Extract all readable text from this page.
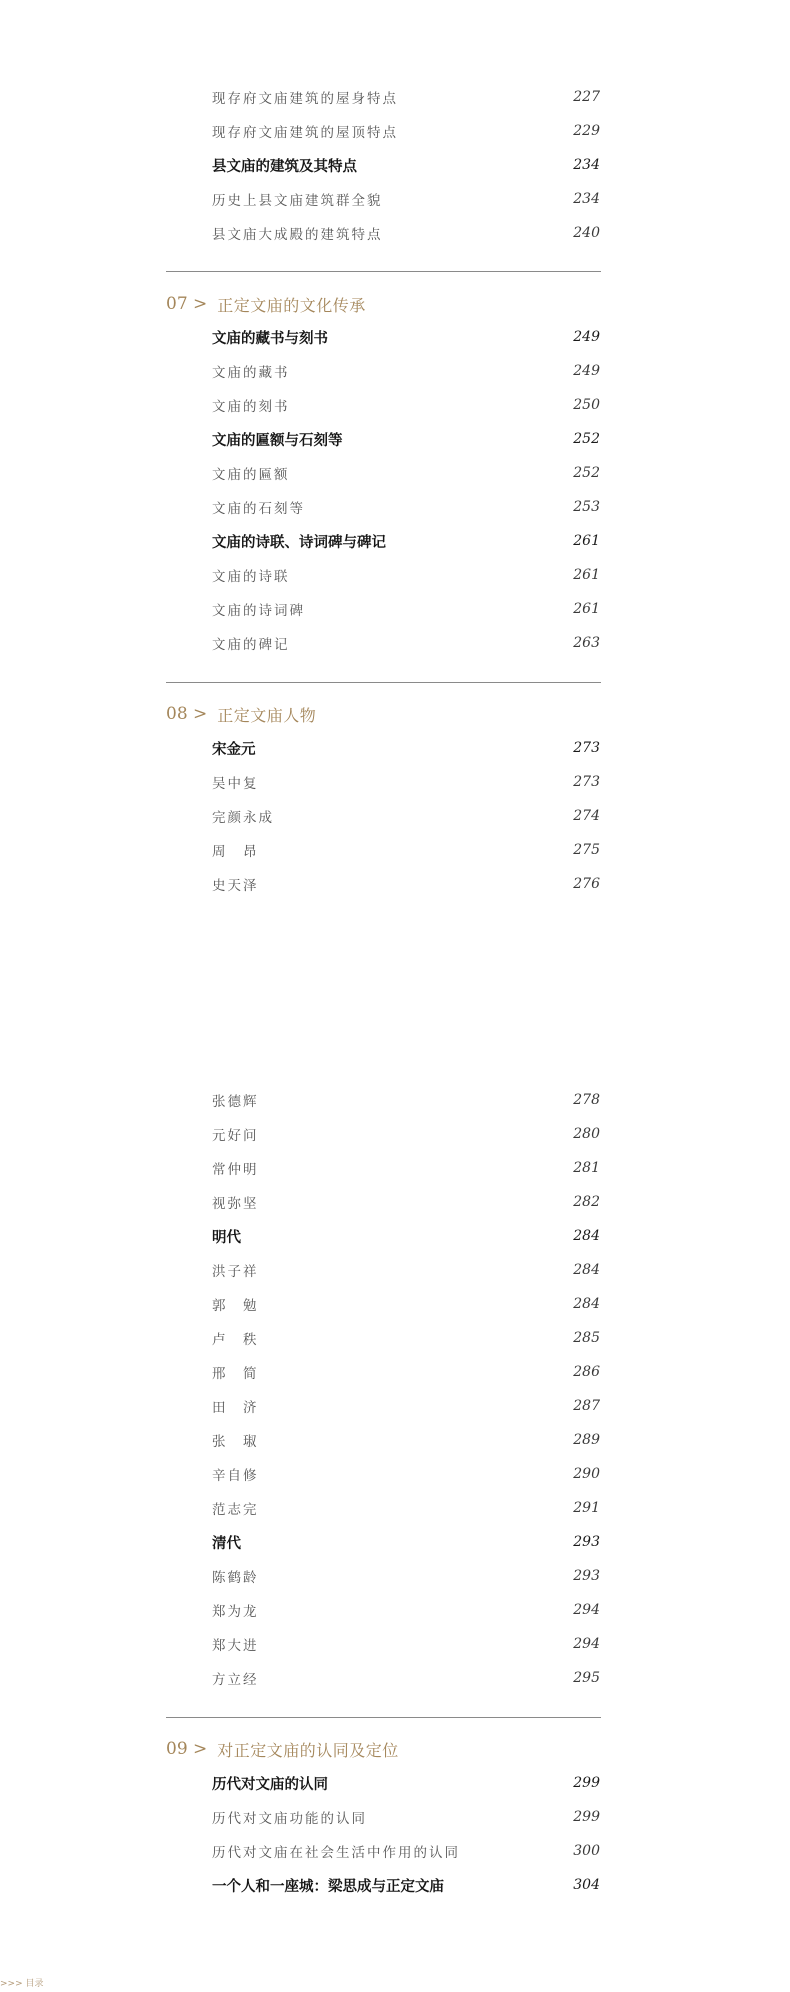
现存府文庙建筑的屋身特点	227
现存府文庙建筑的屋顶特点	229
县文庙的建筑及其特点	234
历史上县文庙建筑群全貌	234
县文庙大成殿的建筑特点	240
07 > 正定文庙的文化传承
文庙的藏书与刻书	249
文庙的藏书	249
文庙的刻书	250
文庙的匾额与石刻等	252
文庙的匾额	252
文庙的石刻等	253
文庙的诗联、诗词碑与碑记	261
文庙的诗联	261
文庙的诗词碑	261
文庙的碑记	263
08 > 正定文庙人物
宋金元	273
吴中复	273
完颜永成	274
周　昂	275
史天泽	276
张德辉	278
元好问	280
常仲明	281
视弥坚	282
明代	284
洪子祥	284
郭　勉	284
卢　秩	285
邢　简	286
田　济	287
张　琡	289
辛自修	290
范志完	291
清代	293
陈鹤龄	293
郑为龙	294
郑大进	294
方立经	295
09 > 对正定文庙的认同及定位
历代对文庙的认同	299
历代对文庙功能的认同	299
历代对文庙在社会生活中作用的认同	300
一个人和一座城：梁思成与正定文庙	304
>>> 目录
